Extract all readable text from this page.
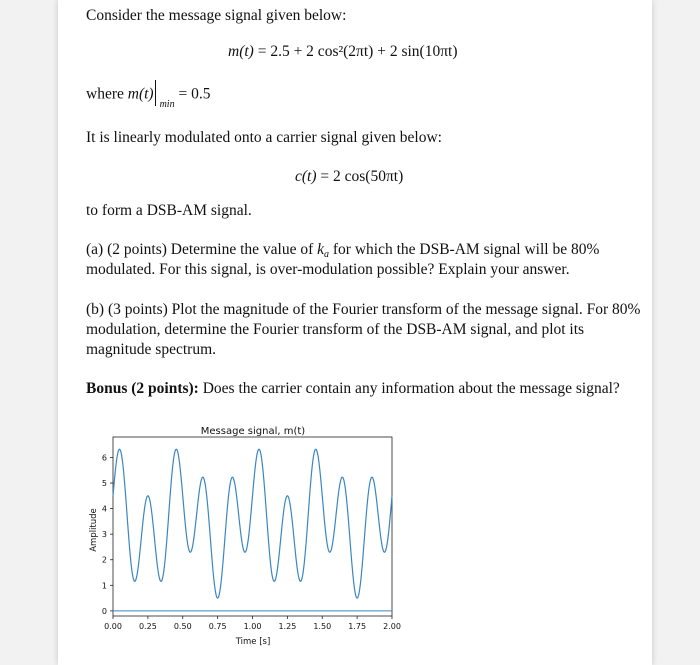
Consider the message signal given below:
m(t) = 2.5 + 2 cos²(2πt) + 2 sin(10πt)
where $m(t)_{min} = 0.5$
It is linearly modulated onto a carrier signal given below:
c(t) = 2 cos(50πt)
to form a DSB-AM signal.
(a) (2 points) Determine the value of ka for which the DSB-AM signal will be 80%
modulated. For this signal, is over-modulation possible? Explain your answer.
(b) (3 points) Plot the magnitude of the Fourier transform of the message signal. For 80%
modulation, determine the Fourier transform of the DSB-AM signal, and plot its
magnitude spectrum.
Bonus (2 points): Does the carrier contain any information about the message signal?
Message signal, m(t)
Time [s]
Amplitude
0.00 0.25 0.50 0.75 1.00 1.25 1.50 1.75 2.00
0
1
2
3
4
5
6
